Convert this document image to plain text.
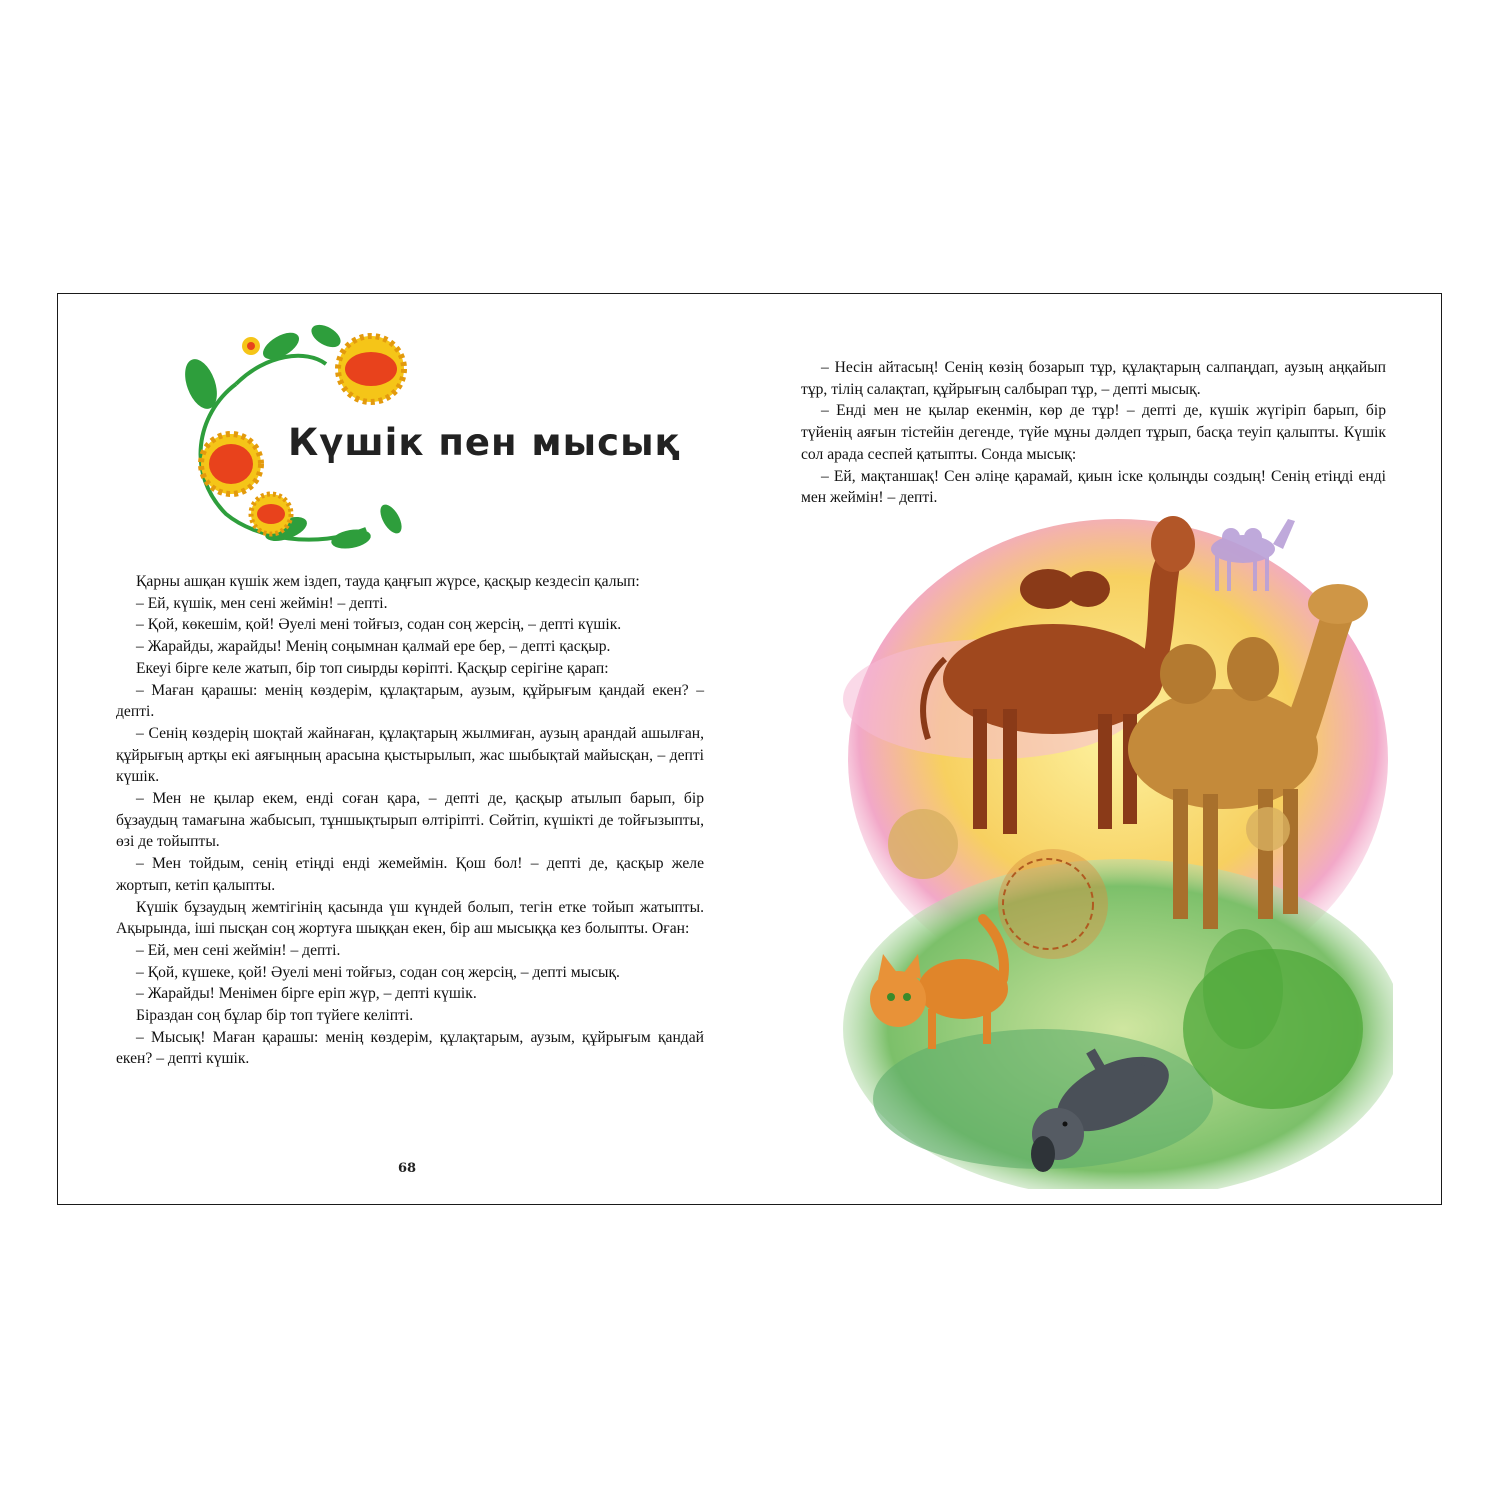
Күшік пен мысық

Қарны ашқан күшік жем іздеп, тауда қаңғып жүрсе, қасқыр кездесіп қалып:

– Ей, күшік, мен сені жеймін! – депті.

– Қой, көкешім, қой! Әуелі мені тойғыз, содан соң жерсің, – депті күшік.

– Жарайды, жарайды! Менің соңымнан қалмай ере бер, – депті қасқыр.

Екеуі бірге келе жатып, бір топ сиырды көріпті. Қасқыр серігіне қарап:

– Маған қарашы: менің көздерім, құлақтарым, аузым, құйрығым қандай екен? – депті.

– Сенің көздерің шоқтай жайнаған, құлақтарың жылмиған, аузың арандай ашылған, құйрығың артқы екі аяғыңның арасына қыстырылып, жас шыбықтай майысқан, – депті күшік.

– Мен не қылар екем, енді соған қара, – депті де, қасқыр атылып барып, бір бұзаудың тамағына жабысып, тұншықтырып өлтіріпті. Сөйтіп, күшікті де тойғызыпты, өзі де тойыпты.

– Мен тойдым, сенің етіңді енді жемеймін. Қош бол! – депті де, қасқыр желе жортып, кетіп қалыпты.

Күшік бұзаудың жемтігінің қасында үш күндей болып, тегін етке тойып жатыпты. Ақырында, іші пысқан соң жортуға шыққан екен, бір аш мысыққа кез болыпты. Оған:

– Ей, мен сені жеймін! – депті.

– Қой, күшеке, қой! Әуелі мені тойғыз, содан соң жерсің, – депті мысық.

– Жарайды! Менімен бірге еріп жүр, – депті күшік.

Біраздан соң бұлар бір топ түйеге келіпті.

– Мысық! Маған қарашы: менің көздерім, құлақтарым, аузым, құйрығым қандай екен? – депті күшік.

68

– Несін айтасың! Сенің көзің бозарып тұр, құлақтарың салпаңдап, аузың аңқайып тұр, тілің салақтап, құйрығың салбырап тұр, – депті мысық.

– Енді мен не қылар екенмін, көр де тұр! – депті де, күшік жүгіріп барып, бір түйенің аяғын тістейін дегенде, түйе мұны дәлдеп тұрып, басқа теуіп қалыпты. Күшік сол арада сеспей қатыпты. Сонда мысық:

– Ей, мақтаншақ! Сен әліңе қарамай, қиын іске қолыңды создың! Сенің етіңді енді мен жеймін! – депті.
